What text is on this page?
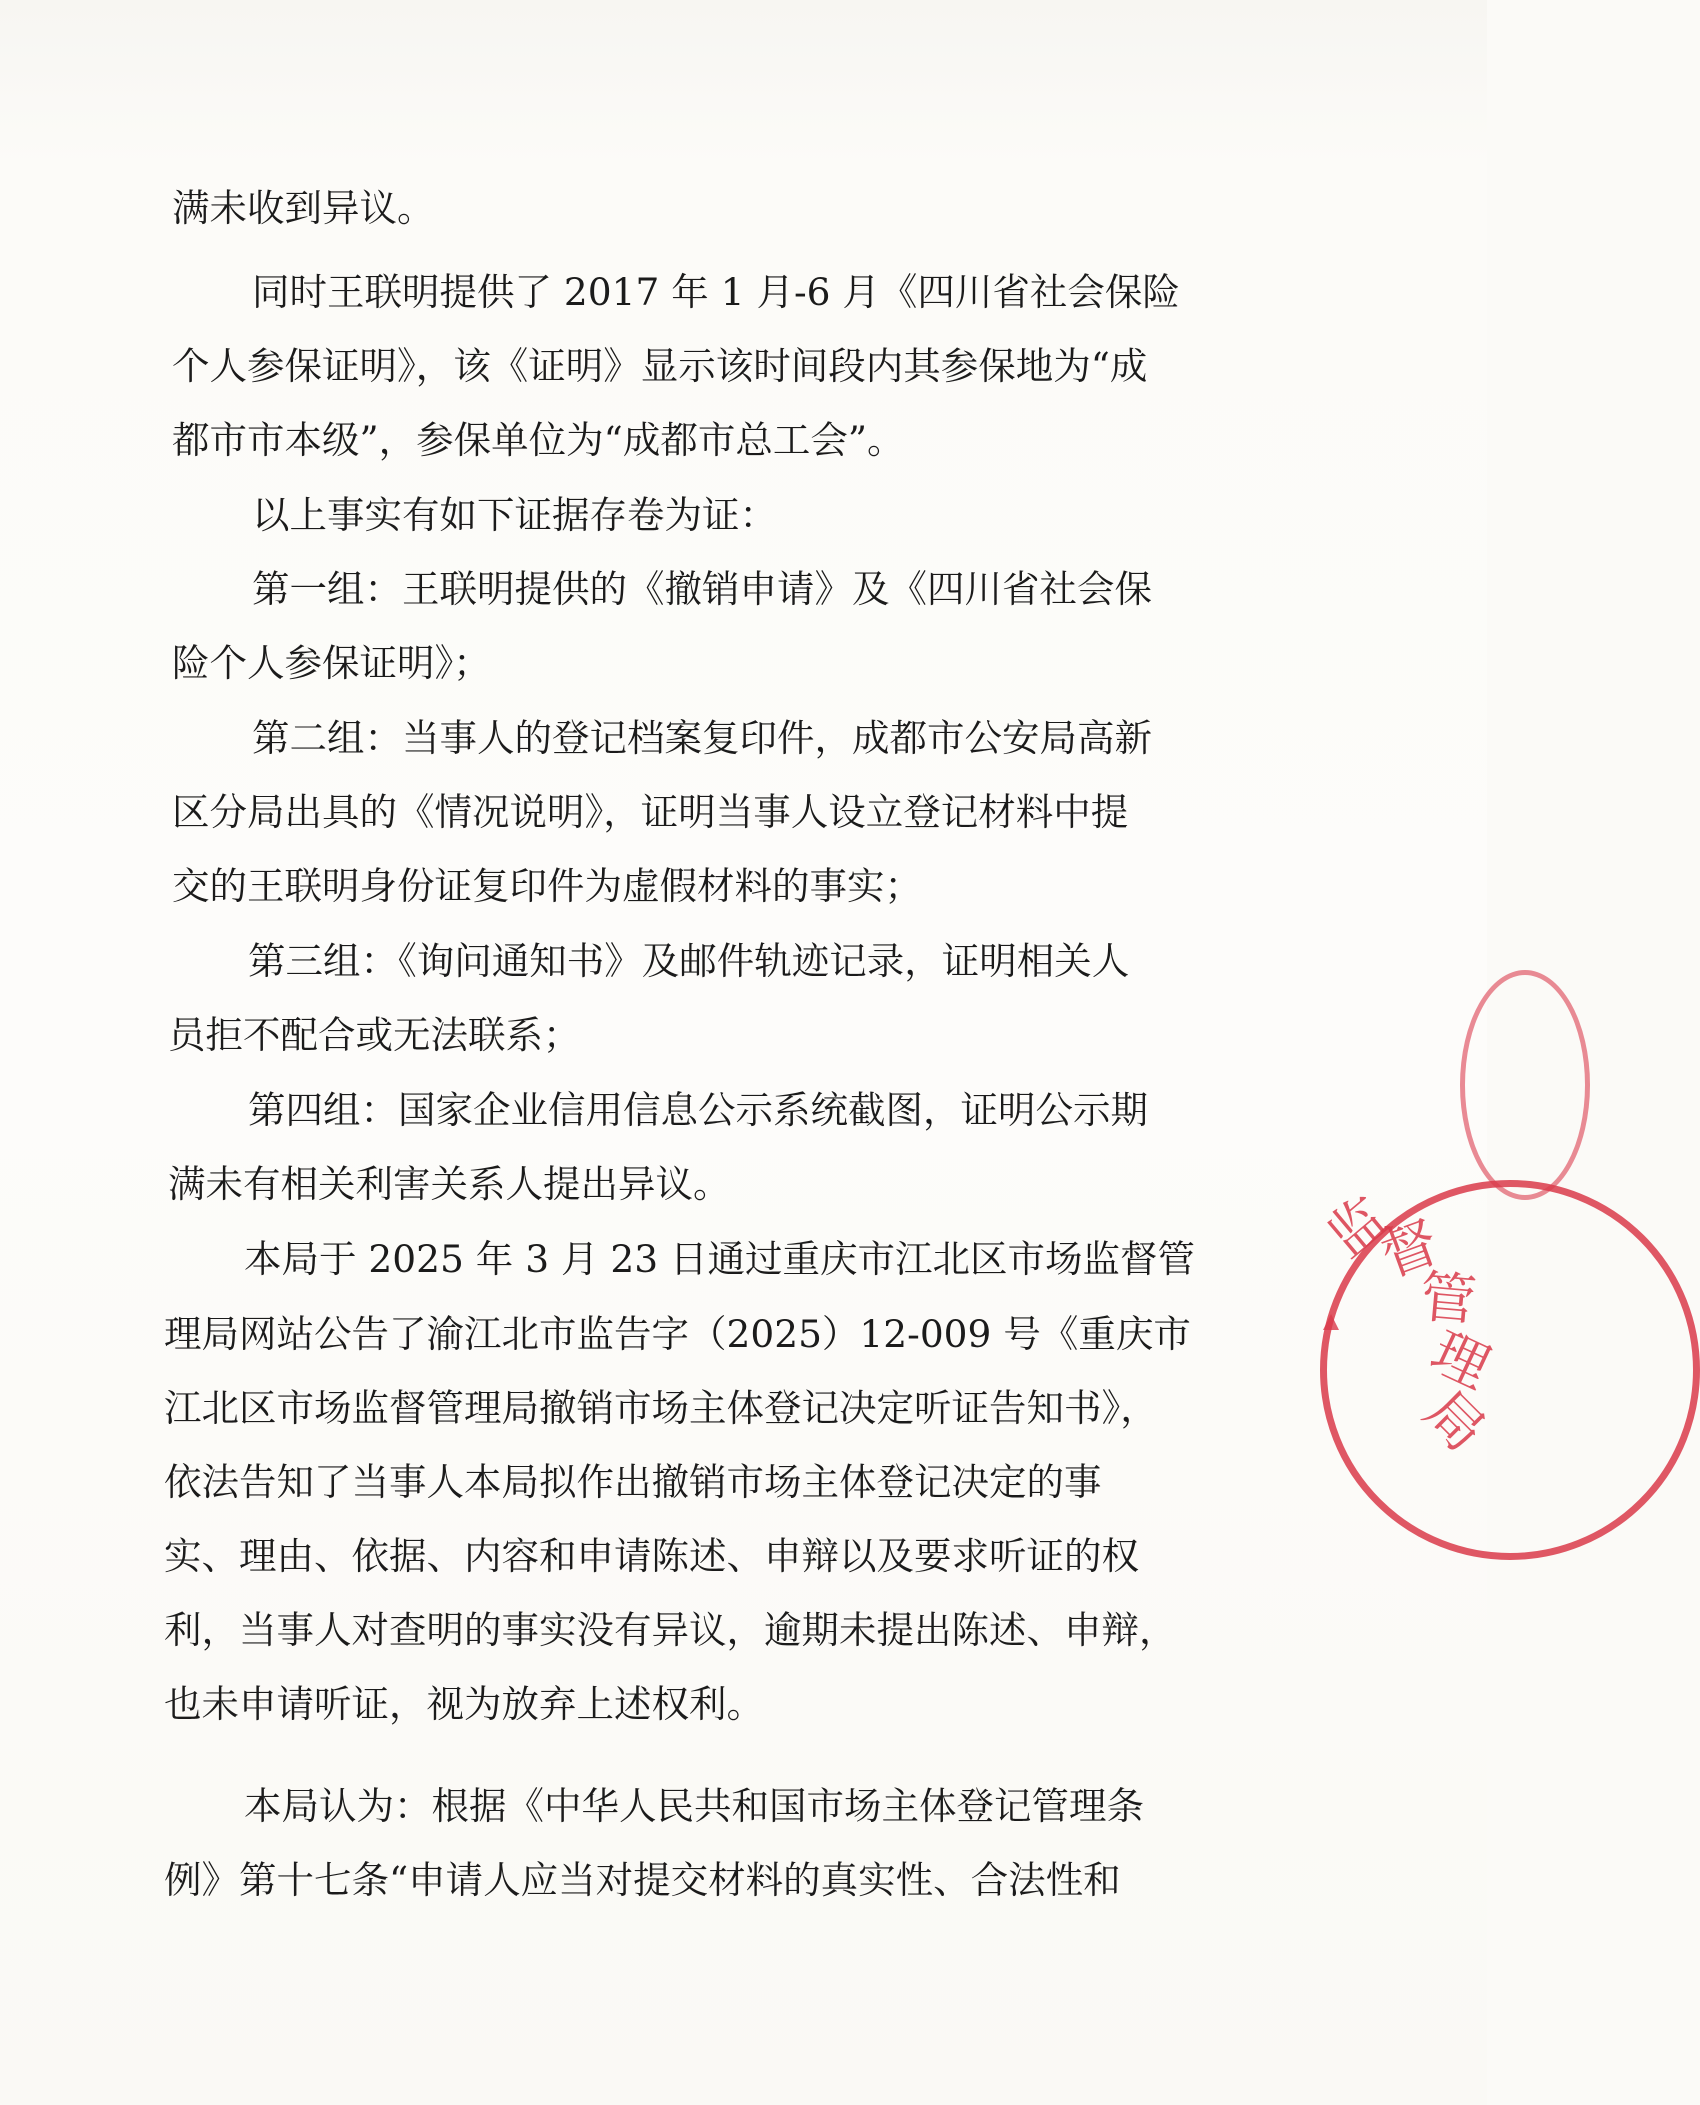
满未收到异议。
同时王联明提供了 2017 年 1 月-6 月《四川省社会保险
个人参保证明》，该《证明》显示该时间段内其参保地为“成
都市市本级”，参保单位为“成都市总工会”。
以上事实有如下证据存卷为证：
第一组：王联明提供的《撤销申请》及《四川省社会保
险个人参保证明》；
第二组：当事人的登记档案复印件，成都市公安局高新
区分局出具的《情况说明》，证明当事人设立登记材料中提
交的王联明身份证复印件为虚假材料的事实；
第三组：《询问通知书》及邮件轨迹记录，证明相关人
员拒不配合或无法联系；
第四组：国家企业信用信息公示系统截图，证明公示期
满未有相关利害关系人提出异议。
本局于 2025 年 3 月 23 日通过重庆市江北区市场监督管
理局网站公告了渝江北市监告字（2025）12-009 号《重庆市
江北区市场监督管理局撤销市场主体登记决定听证告知书》，
依法告知了当事人本局拟作出撤销市场主体登记决定的事
实、理由、依据、内容和申请陈述、申辩以及要求听证的权
利，当事人对查明的事实没有异议，逾期未提出陈述、申辩，
也未申请听证，视为放弃上述权利。
本局认为：根据《中华人民共和国市场主体登记管理条
例》第十七条“申请人应当对提交材料的真实性、合法性和
监
督
管
理
局
